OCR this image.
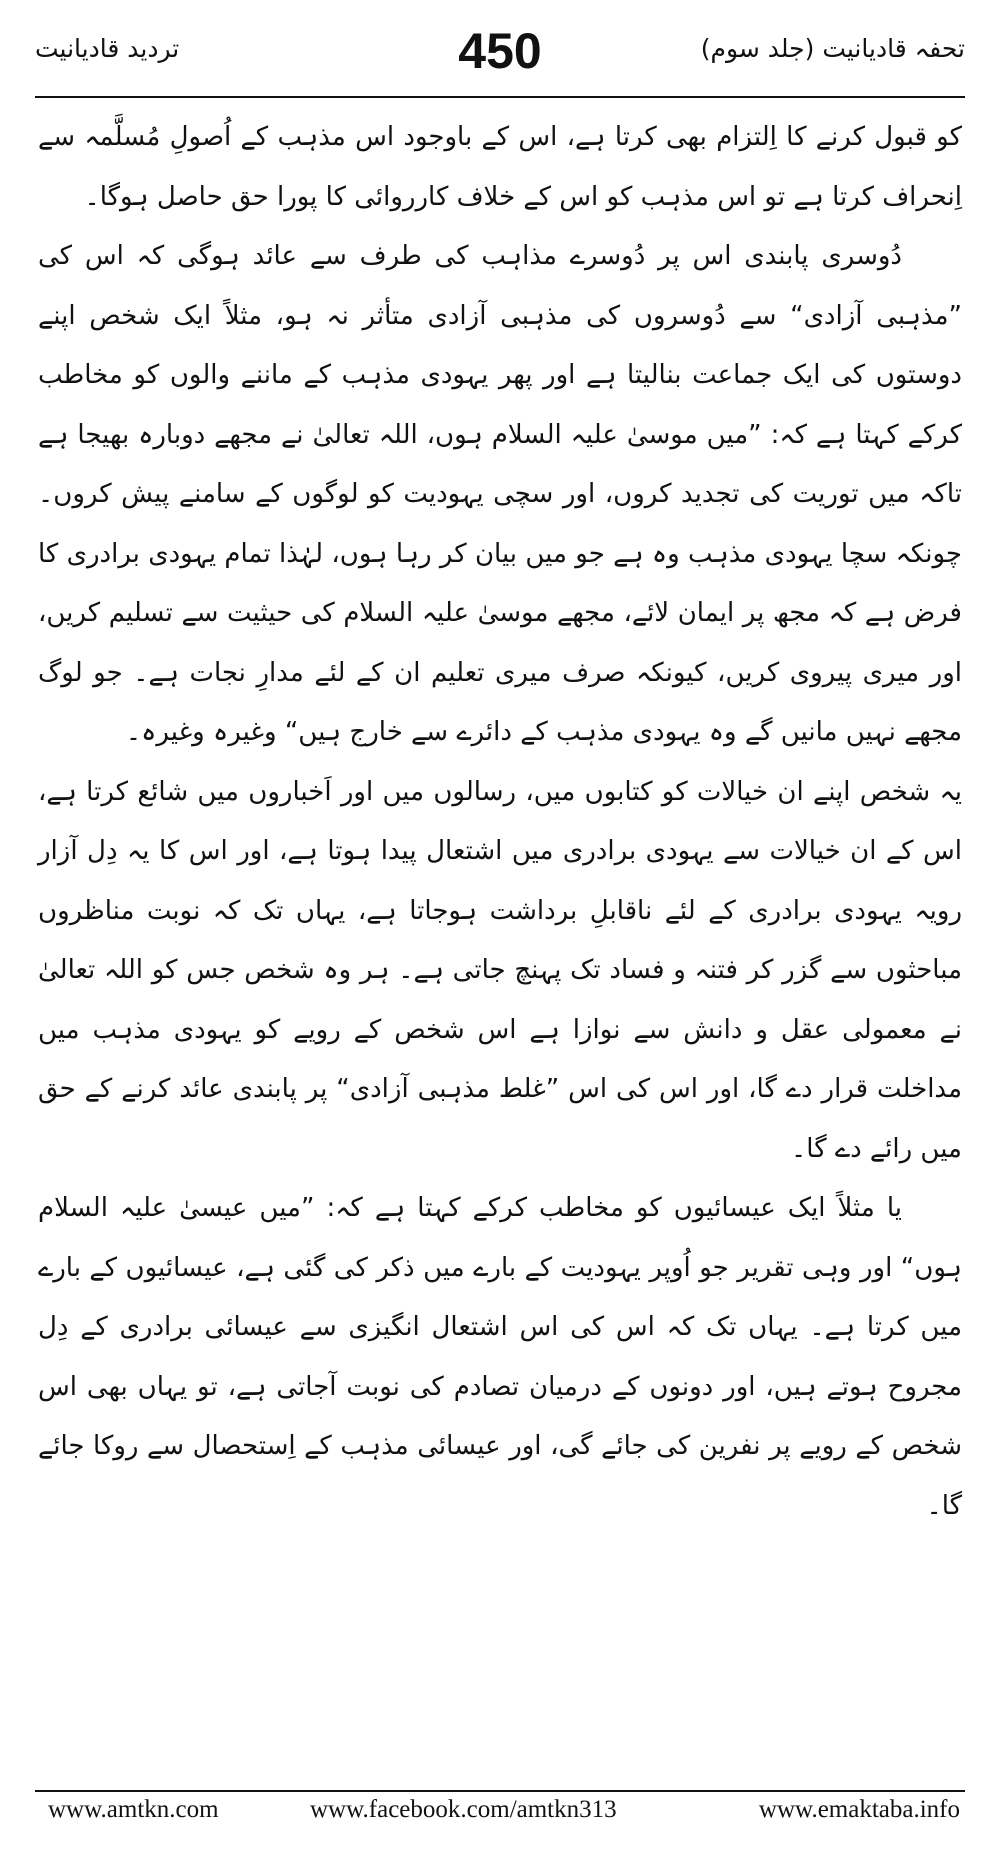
تحفہ قادیانیت (جلد سوم)
450
تردید قادیانیت

کو قبول کرنے کا اِلتزام بھی کرتا ہے، اس کے باوجود اس مذہب کے اُصولِ مُسلَّمہ سے اِنحراف کرتا ہے تو اس مذہب کو اس کے خلاف کارروائی کا پورا حق حاصل ہوگا۔

دُوسری پابندی اس پر دُوسرے مذاہب کی طرف سے عائد ہوگی کہ اس کی ”مذہبی آزادی“ سے دُوسروں کی مذہبی آزادی متأثر نہ ہو، مثلاً ایک شخص اپنے دوستوں کی ایک جماعت بنالیتا ہے اور پھر یہودی مذہب کے ماننے والوں کو مخاطب کرکے کہتا ہے کہ: ”میں موسیٰ علیہ السلام ہوں، اللہ تعالیٰ نے مجھے دوبارہ بھیجا ہے تاکہ میں توریت کی تجدید کروں، اور سچی یہودیت کو لوگوں کے سامنے پیش کروں۔ چونکہ سچا یہودی مذہب وہ ہے جو میں بیان کر رہا ہوں، لہٰذا تمام یہودی برادری کا فرض ہے کہ مجھ پر ایمان لائے، مجھے موسیٰ علیہ السلام کی حیثیت سے تسلیم کریں، اور میری پیروی کریں، کیونکہ صرف میری تعلیم ان کے لئے مدارِ نجات ہے۔ جو لوگ مجھے نہیں مانیں گے وہ یہودی مذہب کے دائرے سے خارج ہیں“ وغیرہ وغیرہ۔

یہ شخص اپنے ان خیالات کو کتابوں میں، رسالوں میں اور اَخباروں میں شائع کرتا ہے، اس کے ان خیالات سے یہودی برادری میں اشتعال پیدا ہوتا ہے، اور اس کا یہ دِل آزار رویہ یہودی برادری کے لئے ناقابلِ برداشت ہوجاتا ہے، یہاں تک کہ نوبت مناظروں مباحثوں سے گزر کر فتنہ و فساد تک پہنچ جاتی ہے۔ ہر وہ شخص جس کو اللہ تعالیٰ نے معمولی عقل و دانش سے نوازا ہے اس شخص کے رویے کو یہودی مذہب میں مداخلت قرار دے گا، اور اس کی اس ”غلط مذہبی آزادی“ پر پابندی عائد کرنے کے حق میں رائے دے گا۔

یا مثلاً ایک عیسائیوں کو مخاطب کرکے کہتا ہے کہ: ”میں عیسیٰ علیہ السلام ہوں“ اور وہی تقریر جو اُوپر یہودیت کے بارے میں ذکر کی گئی ہے، عیسائیوں کے بارے میں کرتا ہے۔ یہاں تک کہ اس کی اس اشتعال انگیزی سے عیسائی برادری کے دِل مجروح ہوتے ہیں، اور دونوں کے درمیان تصادم کی نوبت آجاتی ہے، تو یہاں بھی اس شخص کے رویے پر نفرین کی جائے گی، اور عیسائی مذہب کے اِستحصال سے روکا جائے گا۔

www.amtkn.com	www.facebook.com/amtkn313	www.emaktaba.info
